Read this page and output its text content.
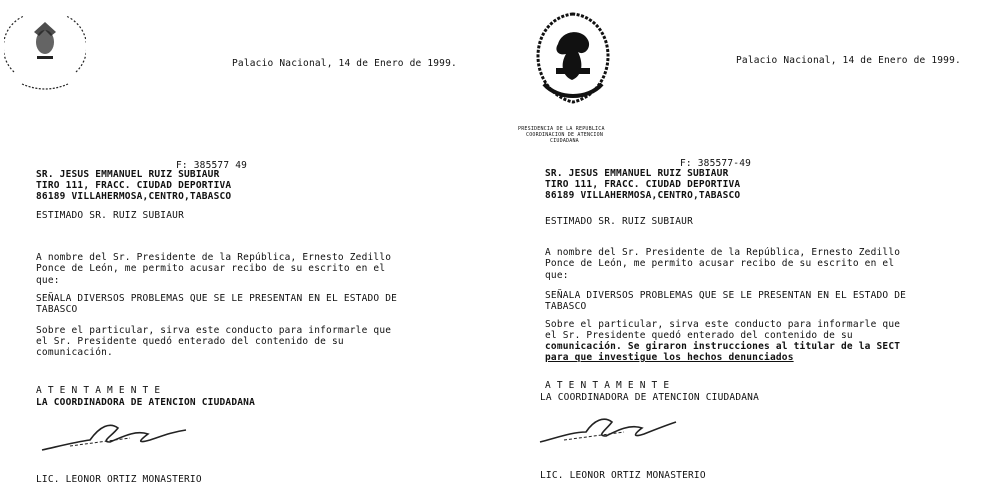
Palacio Nacional, 14 de Enero de 1999.
F: 385577 49
SR. JESUS EMMANUEL RUIZ SUBIAUR
TIRO 111, FRACC. CIUDAD DEPORTIVA
86189 VILLAHERMOSA,CENTRO,TABASCO
ESTIMADO SR. RUIZ SUBIAUR
A nombre del Sr. Presidente de la República, Ernesto Zedillo
Ponce de León, me permito acusar recibo de su escrito en el
que:
SEÑALA DIVERSOS PROBLEMAS QUE SE LE PRESENTAN EN EL ESTADO DE
TABASCO
Sobre el particular, sirva este conducto para informarle que
el Sr. Presidente quedó enterado del contenido de su
comunicación.
A T E N T A M E N T E
LA COORDINADORA DE ATENCION CIUDADANA
LIC. LEONOR ORTIZ MONASTERIO
PRESIDENCIA DE LA REPUBLICA
COORDINACION DE ATENCION
CIUDADANA
Palacio Nacional, 14 de Enero de 1999.
F: 385577-49
SR. JESUS EMMANUEL RUIZ SUBIAUR
TIRO 111, FRACC. CIUDAD DEPORTIVA
86189 VILLAHERMOSA,CENTRO,TABASCO
ESTIMADO SR. RUIZ SUBIAUR
A nombre del Sr. Presidente de la República, Ernesto Zedillo
Ponce de León, me permito acusar recibo de su escrito en el
que:
SEÑALA DIVERSOS PROBLEMAS QUE SE LE PRESENTAN EN EL ESTADO DE
TABASCO
Sobre el particular, sirva este conducto para informarle que
el Sr. Presidente quedó enterado del contenido de su
comunicación. Se giraron instrucciones al titular de la SECT
para que investigue los hechos denunciados
A T E N T A M E N T E
LA COORDINADORA DE ATENCION CIUDADANA
LIC. LEONOR ORTIZ MONASTERIO
